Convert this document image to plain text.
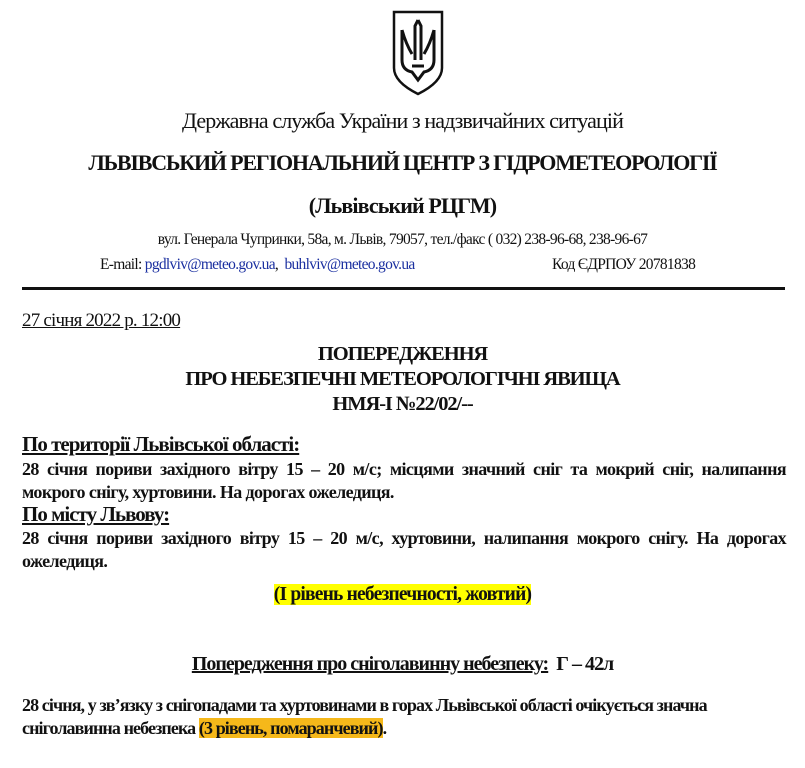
Державна служба України з надзвичайних ситуацій
ЛЬВІВСЬКИЙ РЕГІОНАЛЬНИЙ ЦЕНТР З ГІДРОМЕТЕОРОЛОГІЇ
(Львівський РЦГМ)
вул. Генерала Чупринки, 58а, м. Львів, 79057, тел./факс ( 032) 238-96-68, 238-96-67
E-mail: pgdlviv@meteo.gov.ua,  buhlviv@meteo.gov.ua	Код ЄДРПОУ 20781838
27 січня 2022 р. 12:00
ПОПЕРЕДЖЕННЯ
ПРО НЕБЕЗПЕЧНІ МЕТЕОРОЛОГІЧНІ ЯВИЩА
НМЯ-І №22/02/--
По території Львівської області:
28 січня пориви західного вітру 15 – 20 м/с; місцями значний сніг та мокрий сніг, налипання мокрого снігу, хуртовини. На дорогах ожеледиця.
По місту Львову:
28 січня пориви західного вітру 15 – 20 м/с, хуртовини, налипання мокрого снігу. На дорогах ожеледиця.
(І рівень небезпечності, жовтий)
Попередження про сніголавинну небезпеку: Г – 42л
28 січня, у зв’язку з снігопадами та хуртовинами в горах Львівської області очікується значна сніголавинна небезпека (3 рівень, помаранчевий).
